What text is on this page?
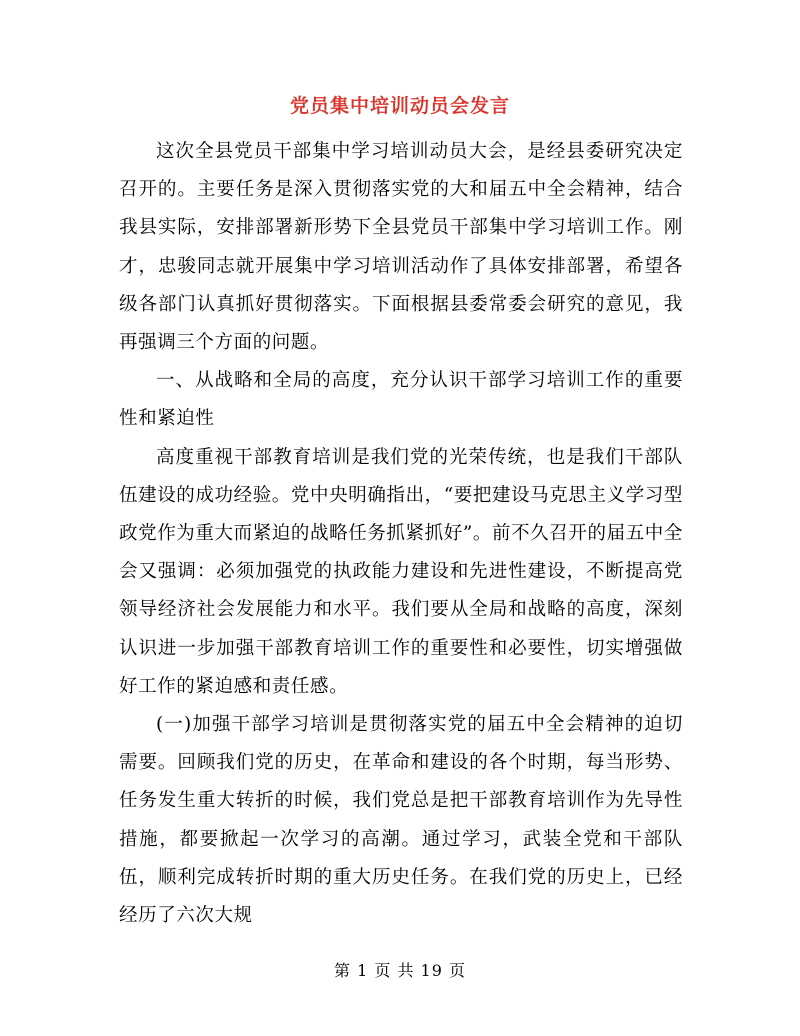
党员集中培训动员会发言

这次全县党员干部集中学习培训动员大会，是经县委研究决定召开的。主要任务是深入贯彻落实党的大和届五中全会精神，结合我县实际，安排部署新形势下全县党员干部集中学习培训工作。刚才，忠骏同志就开展集中学习培训活动作了具体安排部署，希望各级各部门认真抓好贯彻落实。下面根据县委常委会研究的意见，我再强调三个方面的问题。

一、从战略和全局的高度，充分认识干部学习培训工作的重要性和紧迫性

高度重视干部教育培训是我们党的光荣传统，也是我们干部队伍建设的成功经验。党中央明确指出，“要把建设马克思主义学习型政党作为重大而紧迫的战略任务抓紧抓好”。前不久召开的届五中全会又强调：必须加强党的执政能力建设和先进性建设，不断提高党领导经济社会发展能力和水平。我们要从全局和战略的高度，深刻认识进一步加强干部教育培训工作的重要性和必要性，切实增强做好工作的紧迫感和责任感。

(一)加强干部学习培训是贯彻落实党的届五中全会精神的迫切需要。回顾我们党的历史，在革命和建设的各个时期，每当形势、任务发生重大转折的时候，我们党总是把干部教育培训作为先导性措施，都要掀起一次学习的高潮。通过学习，武装全党和干部队伍，顺利完成转折时期的重大历史任务。在我们党的历史上，已经经历了六次大规

第 1 页 共 19 页
